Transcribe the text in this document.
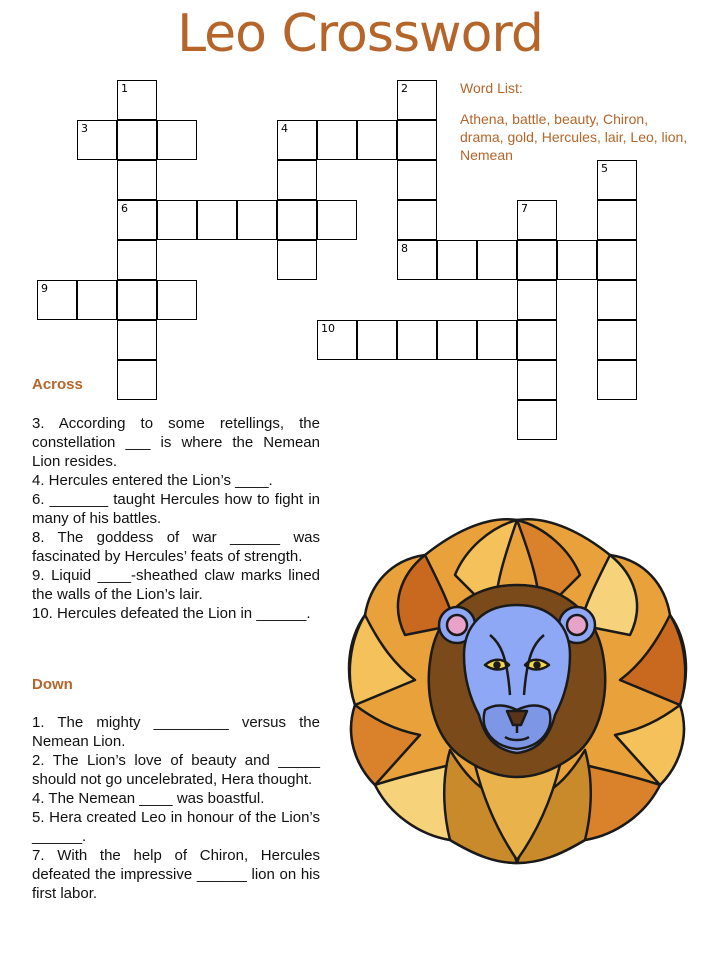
Leo Crossword
1	2
3	4
5
6	7
8
9
10
Word List:
Athena, battle, beauty, Chiron, drama, gold, Hercules, lair, Leo, lion, Nemean
Across

3. According to some retellings, the constellation ___ is where the Nemean Lion resides.

4. Hercules entered the Lion’s ____.

6. _______ taught Hercules how to fight in many of his battles.

8. The goddess of war ______ was fascinated by Hercules’ feats of strength.

9. Liquid ____-sheathed claw marks lined the walls of the Lion’s lair.

10. Hercules defeated the Lion in ______.

Down

1. The mighty _________ versus the Nemean Lion.

2. The Lion’s love of beauty and _____ should not go uncelebrated, Hera thought.

4. The Nemean ____ was boastful.

5. Hera created Leo in honour of the Lion’s ______.

7. With the help of Chiron, Hercules defeated the impressive ______ lion on his first labor.
